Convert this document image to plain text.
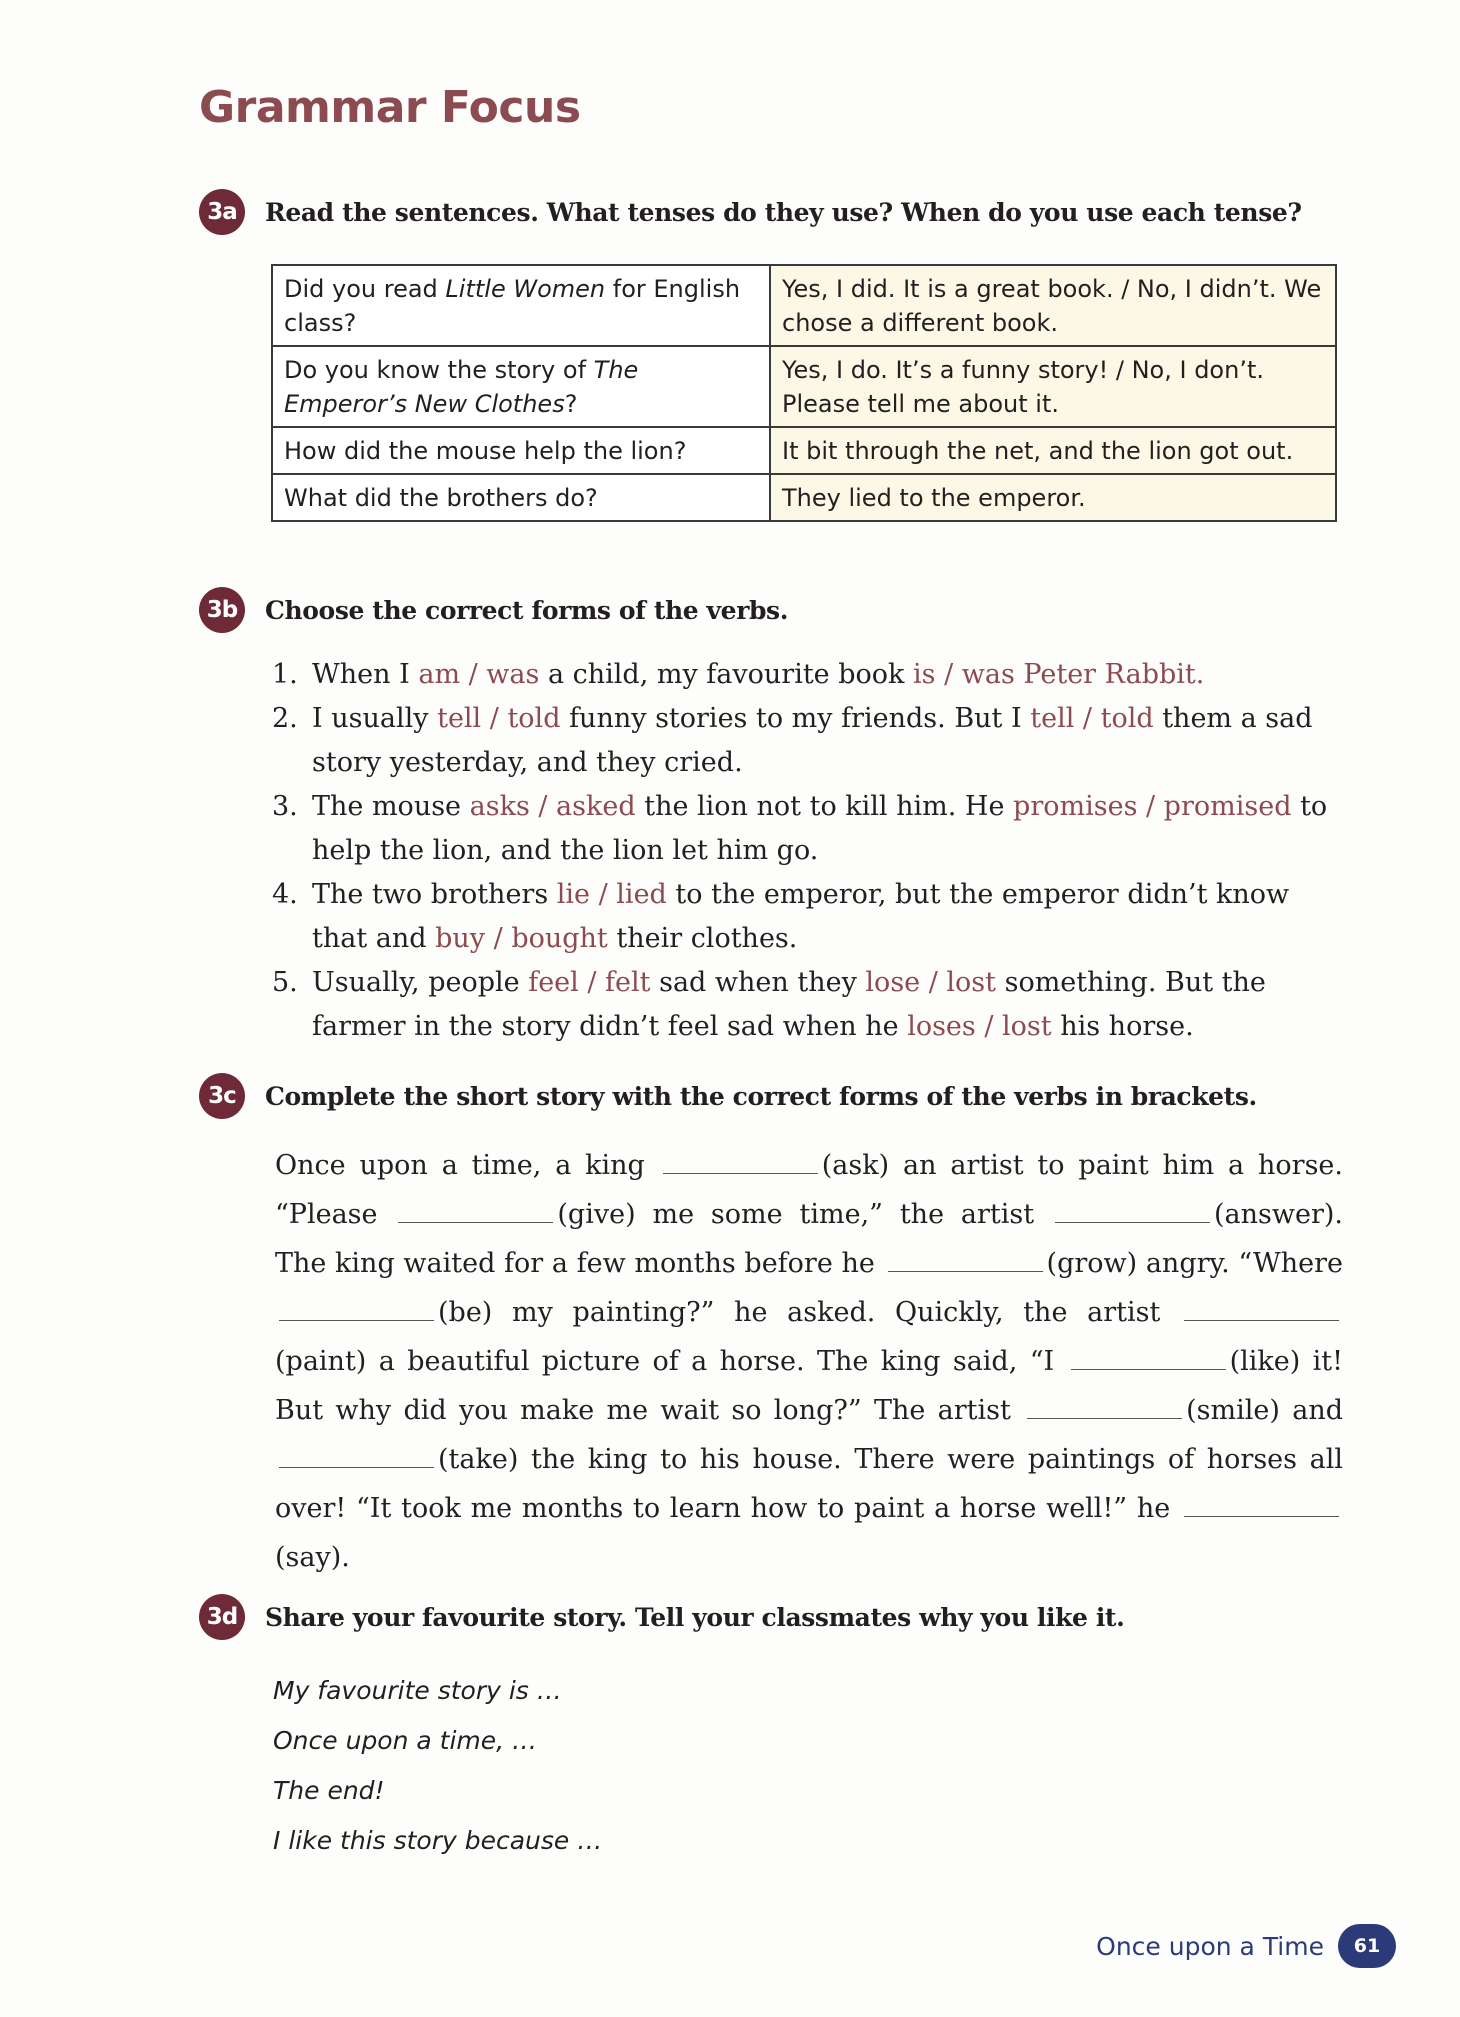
Grammar Focus
3a	Read the sentences. What tenses do they use? When do you use each tense?
Did you read Little Women for English class?	Yes, I did. It is a great book. / No, I didn’t. We chose a different book.
Do you know the story of The Emperor’s New Clothes?	Yes, I do. It’s a funny story! / No, I don’t. Please tell me about it.
How did the mouse help the lion?	It bit through the net, and the lion got out.
What did the brothers do?	They lied to the emperor.
3b	Choose the correct forms of the verbs.
1. When I am / was a child, my favourite book is / was Peter Rabbit.
2. I usually tell / told funny stories to my friends. But I tell / told them a sad story yesterday, and they cried.
3. The mouse asks / asked the lion not to kill him. He promises / promised to help the lion, and the lion let him go.
4. The two brothers lie / lied to the emperor, but the emperor didn’t know that and buy / bought their clothes.
5. Usually, people feel / felt sad when they lose / lost something. But the farmer in the story didn’t feel sad when he loses / lost his horse.
3c	Complete the short story with the correct forms of the verbs in brackets.
Once upon a time, a king	(ask) an artist to paint him a horse. “Please	(give) me some time,” the artist	(answer). The king waited for a few months before he	(grow) angry. “Where (be) my painting?” he asked. Quickly, the artist (paint) a beautiful picture of a horse. The king said, “I	(like) it! But why did you make me wait so long?” The artist	(smile) and (take) the king to his house. There were paintings of horses all over! “It took me months to learn how to paint a horse well!” he (say).
3d	Share your favourite story. Tell your classmates why you like it.
My favourite story is …
Once upon a time, …
The end!
I like this story because …
Once upon a Time	61
